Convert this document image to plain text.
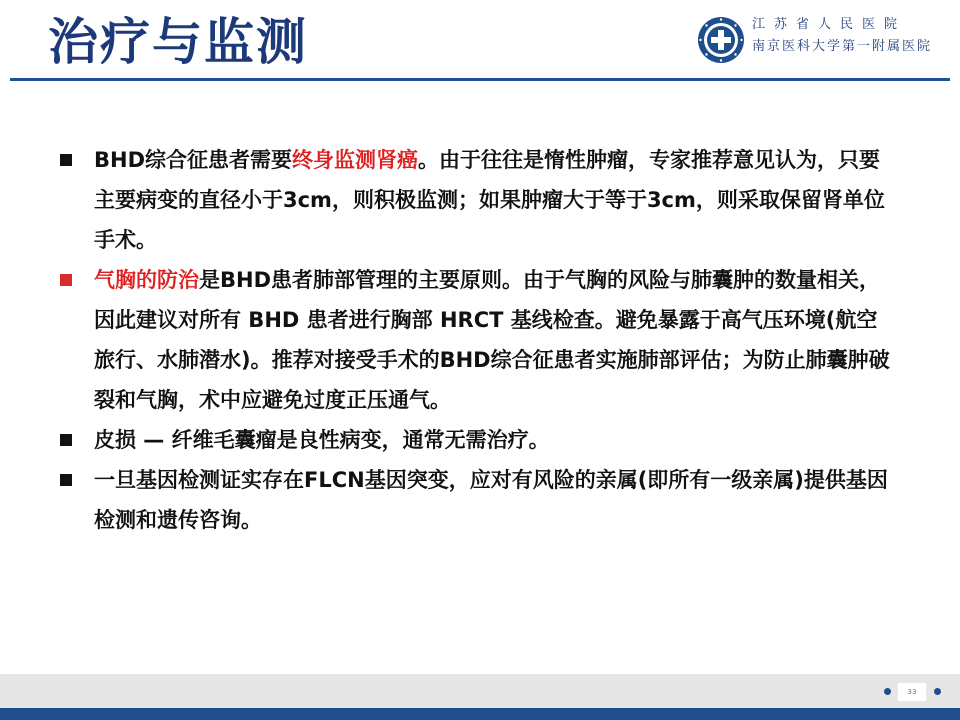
治疗与监测	江苏省人民医院
南京医科大学第一附属医院
BHD综合征患者需要终身监测肾癌。由于往往是惰性肿瘤，专家推荐意见认为，只要主要病变的直径小于3cm，则积极监测；如果肿瘤大于等于3cm，则采取保留肾单位手术。
气胸的防治是BHD患者肺部管理的主要原则。由于气胸的风险与肺囊肿的数量相关，因此建议对所有 BHD 患者进行胸部 HRCT 基线检查。避免暴露于高气压环境(航空旅行、水肺潜水)。推荐对接受手术的BHD综合征患者实施肺部评估；为防止肺囊肿破裂和气胸，术中应避免过度正压通气。
皮损 — 纤维毛囊瘤是良性病变，通常无需治疗。
一旦基因检测证实存在FLCN基因突变，应对有风险的亲属(即所有一级亲属)提供基因检测和遗传咨询。
33
